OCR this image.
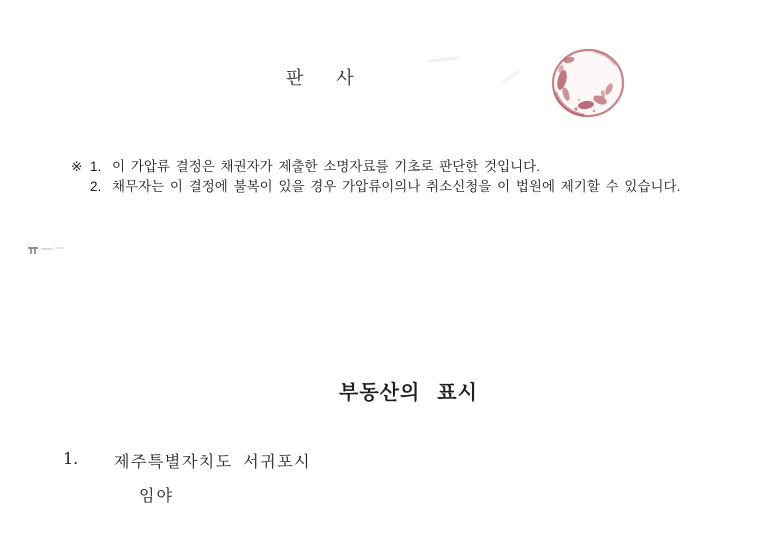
판    사
※ 1. 이 가압류 결정은 채권자가 제출한 소명자료를 기초로 판단한 것입니다.
2. 채무자는 이 결정에 불복이 있을 경우 가압류이의나 취소신청을 이 법원에 제기할 수 있습니다.
부동산의 표시
1. 제주특별자치도 서귀포시
임야
